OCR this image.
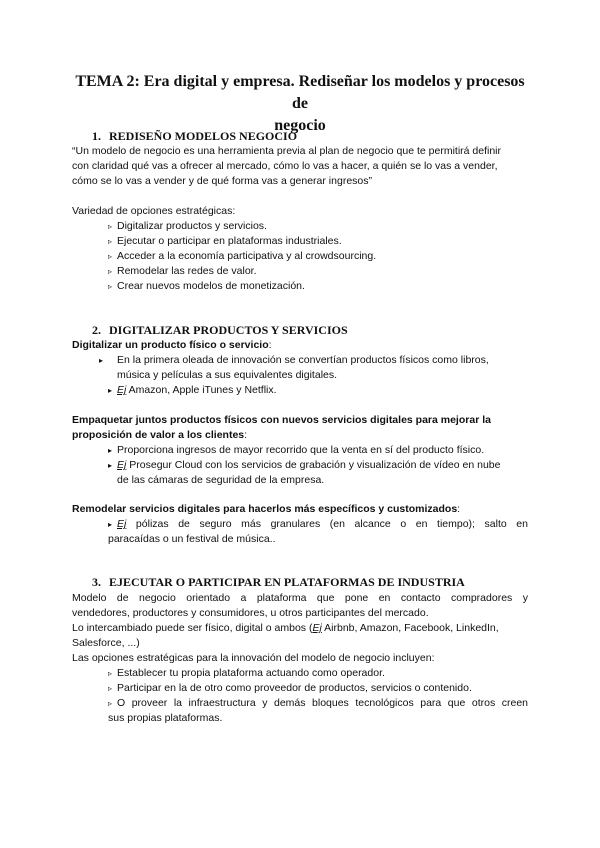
TEMA 2: Era digital y empresa. Rediseñar los modelos y procesos de
negocio
1. REDISEÑO MODELOS NEGOCIO
“Un modelo de negocio es una herramienta previa al plan de negocio que te permitirá definir
con claridad qué vas a ofrecer al mercado, cómo lo vas a hacer, a quién se lo vas a vender,
cómo se lo vas a vender y de qué forma vas a generar ingresos”
Variedad de opciones estratégicas:
▹ Digitalizar productos y servicios.
▹ Ejecutar o participar en plataformas industriales.
▹ Acceder a la economía participativa y al crowdsourcing.
▹ Remodelar las redes de valor.
▹ Crear nuevos modelos de monetización.
2. DIGITALIZAR PRODUCTOS Y SERVICIOS
Digitalizar un producto físico o servicio:
▸ En la primera oleada de innovación se convertían productos físicos como libros,
música y películas a sus equivalentes digitales.
▸ Ej Amazon, Apple iTunes y Netflix.
Empaquetar juntos productos físicos con nuevos servicios digitales para mejorar la
proposición de valor a los clientes:
▸ Proporciona ingresos de mayor recorrido que la venta en sí del producto físico.
▸ Ej Prosegur Cloud con los servicios de grabación y visualización de vídeo en nube
de las cámaras de seguridad de la empresa.
Remodelar servicios digitales para hacerlos más específicos y customizados:
▸ Ej pólizas de seguro más granulares (en alcance o en tiempo); salto en
paracaídas o un festival de música..
3. EJECUTAR O PARTICIPAR EN PLATAFORMAS DE INDUSTRIA
Modelo de negocio orientado a plataforma que pone en contacto compradores y
vendedores, productores y consumidores, u otros participantes del mercado.
Lo intercambiado puede ser físico, digital o ambos (Ej Airbnb, Amazon, Facebook, LinkedIn,
Salesforce, ...)
Las opciones estratégicas para la innovación del modelo de negocio incluyen:
▹ Establecer tu propia plataforma actuando como operador.
▹ Participar en la de otro como proveedor de productos, servicios o contenido.
▹ O proveer la infraestructura y demás bloques tecnológicos para que otros creen
sus propias plataformas.
